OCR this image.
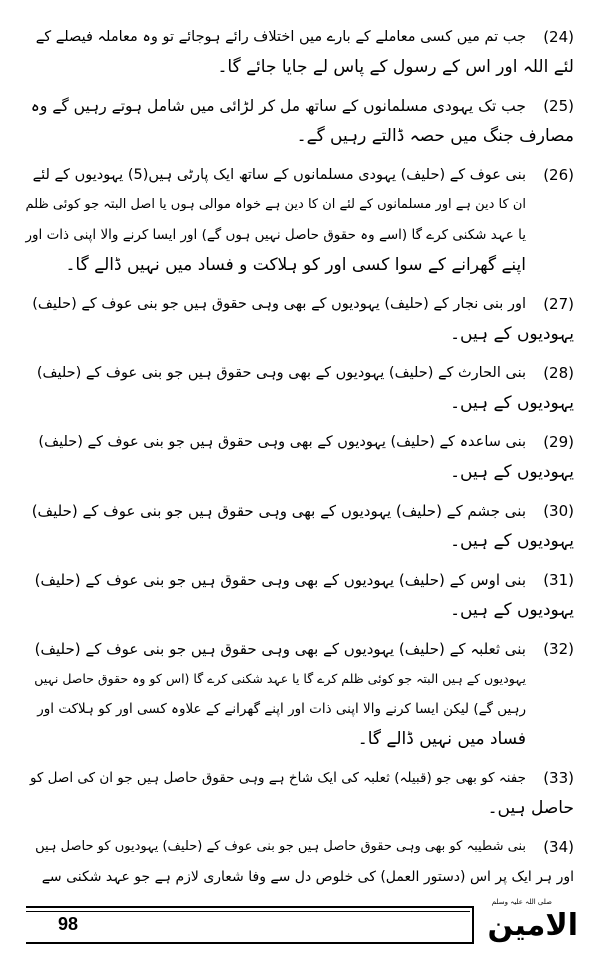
(24)
جب تم میں کسی معاملے کے بارے میں اختلاف رائے ہوجائے تو وہ معاملہ فیصلے کے
لئے اللہ اور اس کے رسول کے پاس لے جایا جائے گا۔
(25)
جب تک یہودی مسلمانوں کے ساتھ مل کر لڑائی میں شامل ہوتے رہیں گے وہ
مصارف جنگ میں حصہ ڈالتے رہیں گے۔
(26)
بنی عوف کے (حلیف) یہودی مسلمانوں کے ساتھ ایک پارٹی ہیں(5) یہودیوں کے لئے
ان کا دین ہے اور مسلمانوں کے لئے ان کا دین ہے خواہ موالی ہوں یا اصل البتہ جو کوئی ظلم
یا عہد شکنی کرے گا (اسے وہ حقوق حاصل نہیں ہوں گے) اور ایسا کرنے والا اپنی ذات اور
اپنے گھرانے کے سوا کسی اور کو ہلاکت و فساد میں نہیں ڈالے گا۔
(27)
اور بنی نجار کے (حلیف) یہودیوں کے بھی وہی حقوق ہیں جو بنی عوف کے (حلیف)
یہودیوں کے ہیں۔
(28)
بنی الحارث کے (حلیف) یہودیوں کے بھی وہی حقوق ہیں جو بنی عوف کے (حلیف)
یہودیوں کے ہیں۔
(29)
بنی ساعدہ کے (حلیف) یہودیوں کے بھی وہی حقوق ہیں جو بنی عوف کے (حلیف)
یہودیوں کے ہیں۔
(30)
بنی جشم کے (حلیف) یہودیوں کے بھی وہی حقوق ہیں جو بنی عوف کے (حلیف)
یہودیوں کے ہیں۔
(31)
بنی اوس کے (حلیف) یہودیوں کے بھی وہی حقوق ہیں جو بنی عوف کے (حلیف)
یہودیوں کے ہیں۔
(32)
بنی ثعلبہ کے (حلیف) یہودیوں کے بھی وہی حقوق ہیں جو بنی عوف کے (حلیف)
یہودیوں کے ہیں البتہ جو کوئی ظلم کرے گا یا عہد شکنی کرے گا (اس کو وہ حقوق حاصل نہیں
رہیں گے) لیکن ایسا کرنے والا اپنی ذات اور اپنے گھرانے کے علاوہ کسی اور کو ہلاکت اور
فساد میں نہیں ڈالے گا۔
(33)
جفنہ کو بھی جو (قبیلہ) ثعلبہ کی ایک شاخ ہے وہی حقوق حاصل ہیں جو ان کی اصل کو
حاصل ہیں۔
(34)
بنی شطیبہ کو بھی وہی حقوق حاصل ہیں جو بنی عوف کے (حلیف) یہودیوں کو حاصل ہیں
اور ہر ایک پر اس (دستور العمل) کی خلوص دل سے وفا شعاری لازم ہے جو عہد شکنی سے
98
صلی اللہ علیہ وسلم
الامین
